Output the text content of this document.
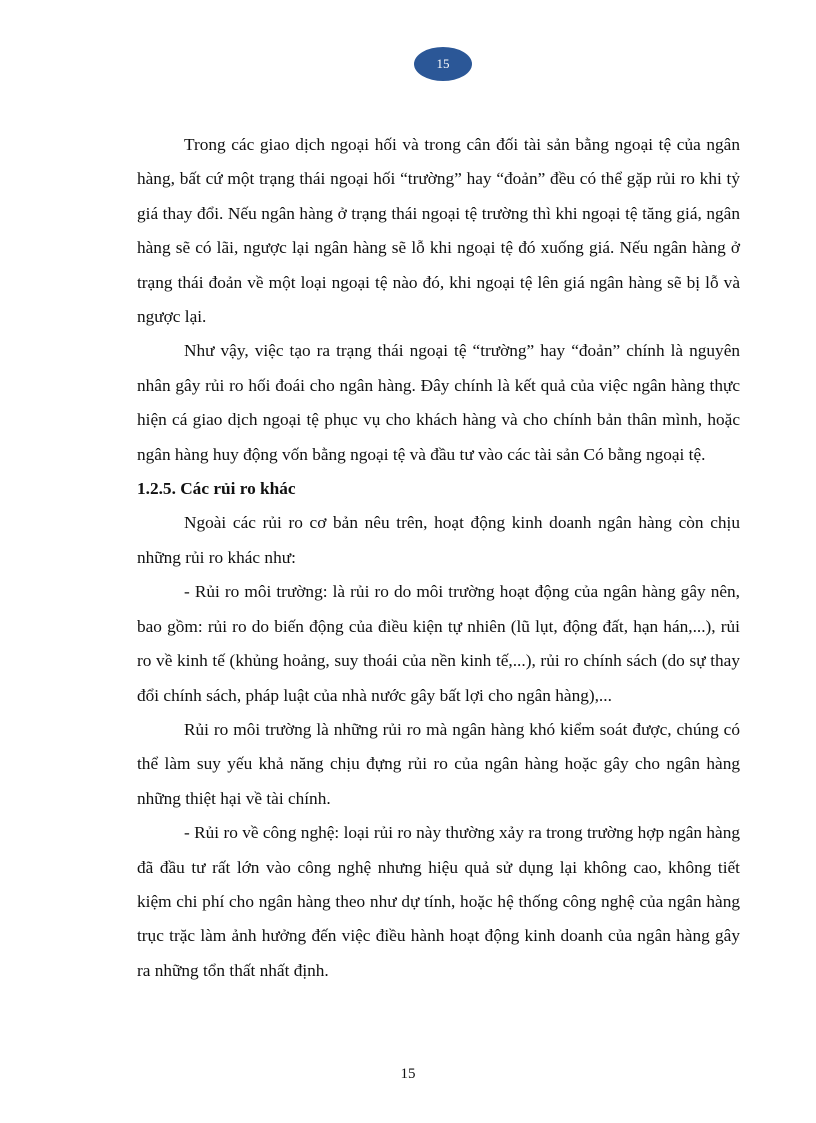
15

Trong các giao dịch ngoại hối và trong cân đối tài sản bằng ngoại tệ của ngân hàng, bất cứ một trạng thái ngoại hối “trường” hay “đoản” đều có thể gặp rủi ro khi tỷ giá thay đổi. Nếu ngân hàng ở trạng thái ngoại tệ trường thì khi ngoại tệ tăng giá, ngân hàng sẽ có lãi, ngược lại ngân hàng sẽ lỗ khi ngoại tệ đó xuống giá. Nếu ngân hàng ở trạng thái đoản về một loại ngoại tệ nào đó, khi ngoại tệ lên giá ngân hàng sẽ bị lỗ và ngược lại.

Như vậy, việc tạo ra trạng thái ngoại tệ “trường” hay “đoản” chính là nguyên nhân gây rủi ro hối đoái cho ngân hàng. Đây chính là kết quả của việc ngân hàng thực hiện cá giao dịch ngoại tệ phục vụ cho khách hàng và cho chính bản thân mình, hoặc ngân hàng huy động vốn bằng ngoại tệ và đầu tư vào các tài sản Có bằng ngoại tệ.

1.2.5. Các rủi ro khác

Ngoài các rủi ro cơ bản nêu trên, hoạt động kinh doanh ngân hàng còn chịu những rủi ro khác như:

- Rủi ro môi trường: là rủi ro do môi trường hoạt động của ngân hàng gây nên, bao gồm: rủi ro do biến động của điều kiện tự nhiên (lũ lụt, động đất, hạn hán,...), rủi ro về kinh tế (khủng hoảng, suy thoái của nền kinh tế,...), rủi ro chính sách (do sự thay đổi chính sách, pháp luật của nhà nước gây bất lợi cho ngân hàng),...

Rủi ro môi trường là những rủi ro mà ngân hàng khó kiểm soát được, chúng có thể làm suy yếu khả năng chịu đựng rủi ro của ngân hàng hoặc gây cho ngân hàng những thiệt hại về tài chính.

- Rủi ro về công nghệ: loại rủi ro này thường xảy ra trong trường hợp ngân hàng đã đầu tư rất lớn vào công nghệ nhưng hiệu quả sử dụng lại không cao, không tiết kiệm chi phí cho ngân hàng theo như dự tính, hoặc hệ thống công nghệ của ngân hàng trục trặc làm ảnh hưởng đến việc điều hành hoạt động kinh doanh của ngân hàng gây ra những tổn thất nhất định.

15
